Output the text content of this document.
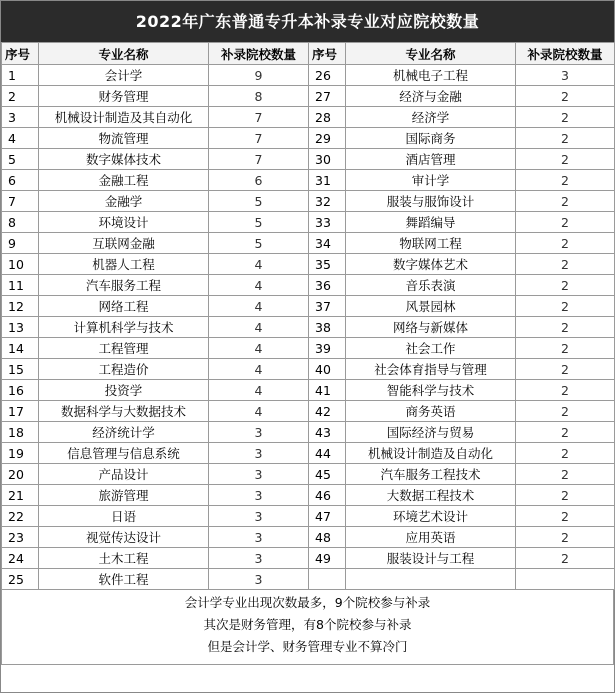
2022年广东普通专升本补录专业对应院校数量
序号	专业名称	补录院校数量	序号	专业名称	补录院校数量
1	会计学	9	26	机械电子工程	3
2	财务管理	8	27	经济与金融	2
3	机械设计制造及其自动化	7	28	经济学	2
4	物流管理	7	29	国际商务	2
5	数字媒体技术	7	30	酒店管理	2
6	金融工程	6	31	审计学	2
7	金融学	5	32	服装与服饰设计	2
8	环境设计	5	33	舞蹈编导	2
9	互联网金融	5	34	物联网工程	2
10	机器人工程	4	35	数字媒体艺术	2
11	汽车服务工程	4	36	音乐表演	2
12	网络工程	4	37	风景园林	2
13	计算机科学与技术	4	38	网络与新媒体	2
14	工程管理	4	39	社会工作	2
15	工程造价	4	40	社会体育指导与管理	2
16	投资学	4	41	智能科学与技术	2
17	数据科学与大数据技术	4	42	商务英语	2
18	经济统计学	3	43	国际经济与贸易	2
19	信息管理与信息系统	3	44	机械设计制造及自动化	2
20	产品设计	3	45	汽车服务工程技术	2
21	旅游管理	3	46	大数据工程技术	2
22	日语	3	47	环境艺术设计	2
23	视觉传达设计	3	48	应用英语	2
24	土木工程	3	49	服装设计与工程	2
25	软件工程	3			
会计学专业出现次数最多，9个院校参与补录
其次是财务管理，有8个院校参与补录
但是会计学、财务管理专业不算冷门
